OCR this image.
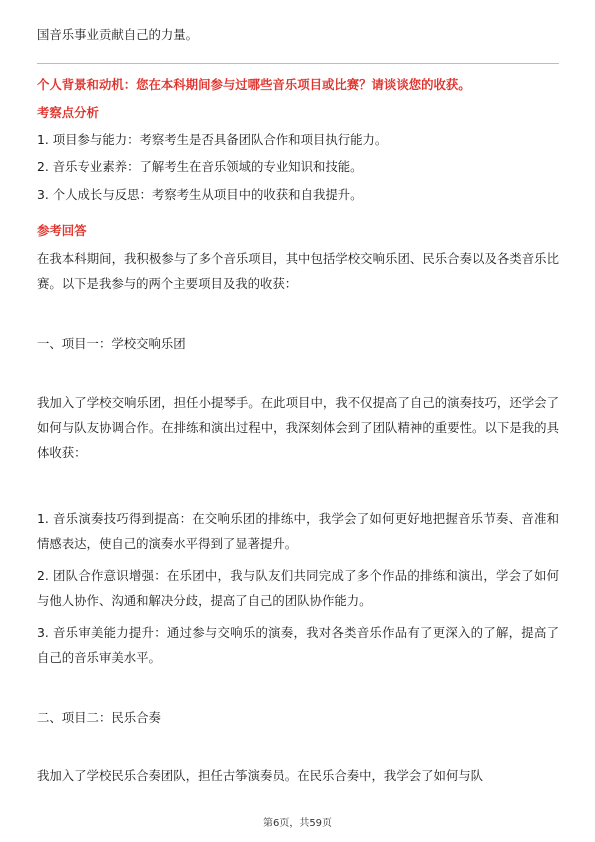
国音乐事业贡献自己的力量。

个人背景和动机：您在本科期间参与过哪些音乐项目或比赛？请谈谈您的收获。

考察点分析

1. 项目参与能力：考察考生是否具备团队合作和项目执行能力。

2. 音乐专业素养：了解考生在音乐领域的专业知识和技能。

3. 个人成长与反思：考察考生从项目中的收获和自我提升。

参考回答

在我本科期间，我积极参与了多个音乐项目，其中包括学校交响乐团、民乐合奏以及各类音乐比赛。以下是我参与的两个主要项目及我的收获：

一、项目一：学校交响乐团

我加入了学校交响乐团，担任小提琴手。在此项目中，我不仅提高了自己的演奏技巧，还学会了如何与队友协调合作。在排练和演出过程中，我深刻体会到了团队精神的重要性。以下是我的具体收获：

1. 音乐演奏技巧得到提高：在交响乐团的排练中，我学会了如何更好地把握音乐节奏、音准和情感表达，使自己的演奏水平得到了显著提升。

2. 团队合作意识增强：在乐团中，我与队友们共同完成了多个作品的排练和演出，学会了如何与他人协作、沟通和解决分歧，提高了自己的团队协作能力。

3. 音乐审美能力提升：通过参与交响乐的演奏，我对各类音乐作品有了更深入的了解，提高了自己的音乐审美水平。

二、项目二：民乐合奏

我加入了学校民乐合奏团队，担任古筝演奏员。在民乐合奏中，我学会了如何与队

第6页，共59页
